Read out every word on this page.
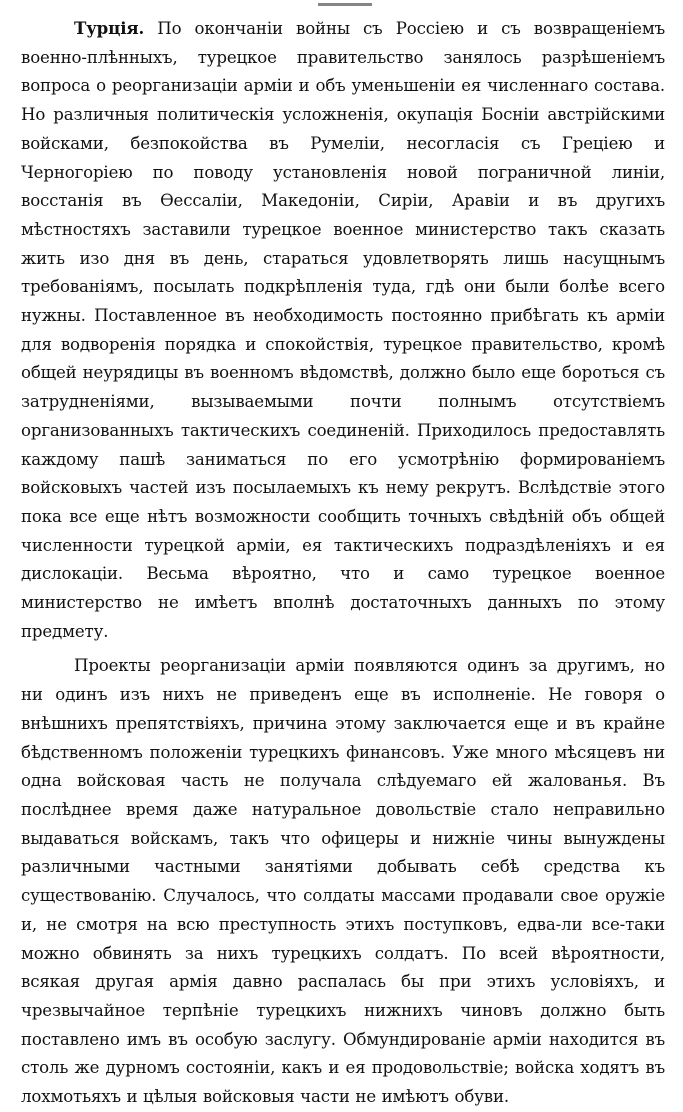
Турція. По окончаніи войны съ Россіею и съ возвращеніемъ военно-плѣнныхъ, турецкое правительство занялось разрѣшеніемъ вопроса о реорганизаціи арміи и объ уменьшеніи ея численнаго состава. Но различныя политическія усложненія, окупація Босніи австрійскими войсками, безпокойства въ Румеліи, несогласія съ Греціею и Черногоріею по поводу установленія новой пограничной линіи, восстанія въ Ѳессаліи, Македоніи, Сиріи, Аравіи и въ другихъ мѣстностяхъ заставили турецкое военное министерство такъ сказать жить изо дня въ день, стараться удовлетворять лишь насущнымъ требованіямъ, посылать подкрѣпленія туда, гдѣ они были болѣе всего нужны. Поставленное въ необходимость постоянно прибѣгать къ арміи для водворенія порядка и спокойствія, турецкое правительство, кромѣ общей неурядицы въ военномъ вѣдомствѣ, должно было еще бороться съ затрудненіями, вызываемыми почти полнымъ отсутствіемъ организованныхъ тактическихъ соединеній. Приходилось предоставлять каждому пашѣ заниматься по его усмотрѣнію формированіемъ войсковыхъ частей изъ посылаемыхъ къ нему рекрутъ. Вслѣдствіе этого пока все еще нѣтъ возможности сообщить точныхъ свѣдѣній объ общей численности турецкой арміи, ея тактическихъ подраздѣленіяхъ и ея дислокаціи. Весьма вѣроятно, что и само турецкое военное министерство не имѣетъ вполнѣ достаточныхъ данныхъ по этому предмету.

Проекты реорганизаціи арміи появляются одинъ за другимъ, но ни одинъ изъ нихъ не приведенъ еще въ исполненіе. Не говоря о внѣшнихъ препятствіяхъ, причина этому заключается еще и въ крайне бѣдственномъ положеніи турецкихъ финансовъ. Уже много мѣсяцевъ ни одна войсковая часть не получала слѣдуемаго ей жалованья. Въ послѣднее время даже натуральное довольствіе стало неправильно выдаваться войскамъ, такъ что офицеры и нижніе чины вынуждены различными частными занятіями добывать себѣ средства къ существованію. Случалось, что солдаты массами продавали свое оружіе и, не смотря на всю преступность этихъ поступковъ, едва-ли все-таки можно обвинять за нихъ турецкихъ солдатъ. По всей вѣроятности, всякая другая армія давно распалась бы при этихъ условіяхъ, и чрезвычайное терпѣніе турецкихъ нижнихъ чиновъ должно быть поставлено имъ въ особую заслугу. Обмундированіе арміи находится въ столь же дурномъ состояніи, какъ и ея продовольствіе; войска ходятъ въ лохмотьяхъ и цѣлыя войсковыя части не имѣютъ обуви.
